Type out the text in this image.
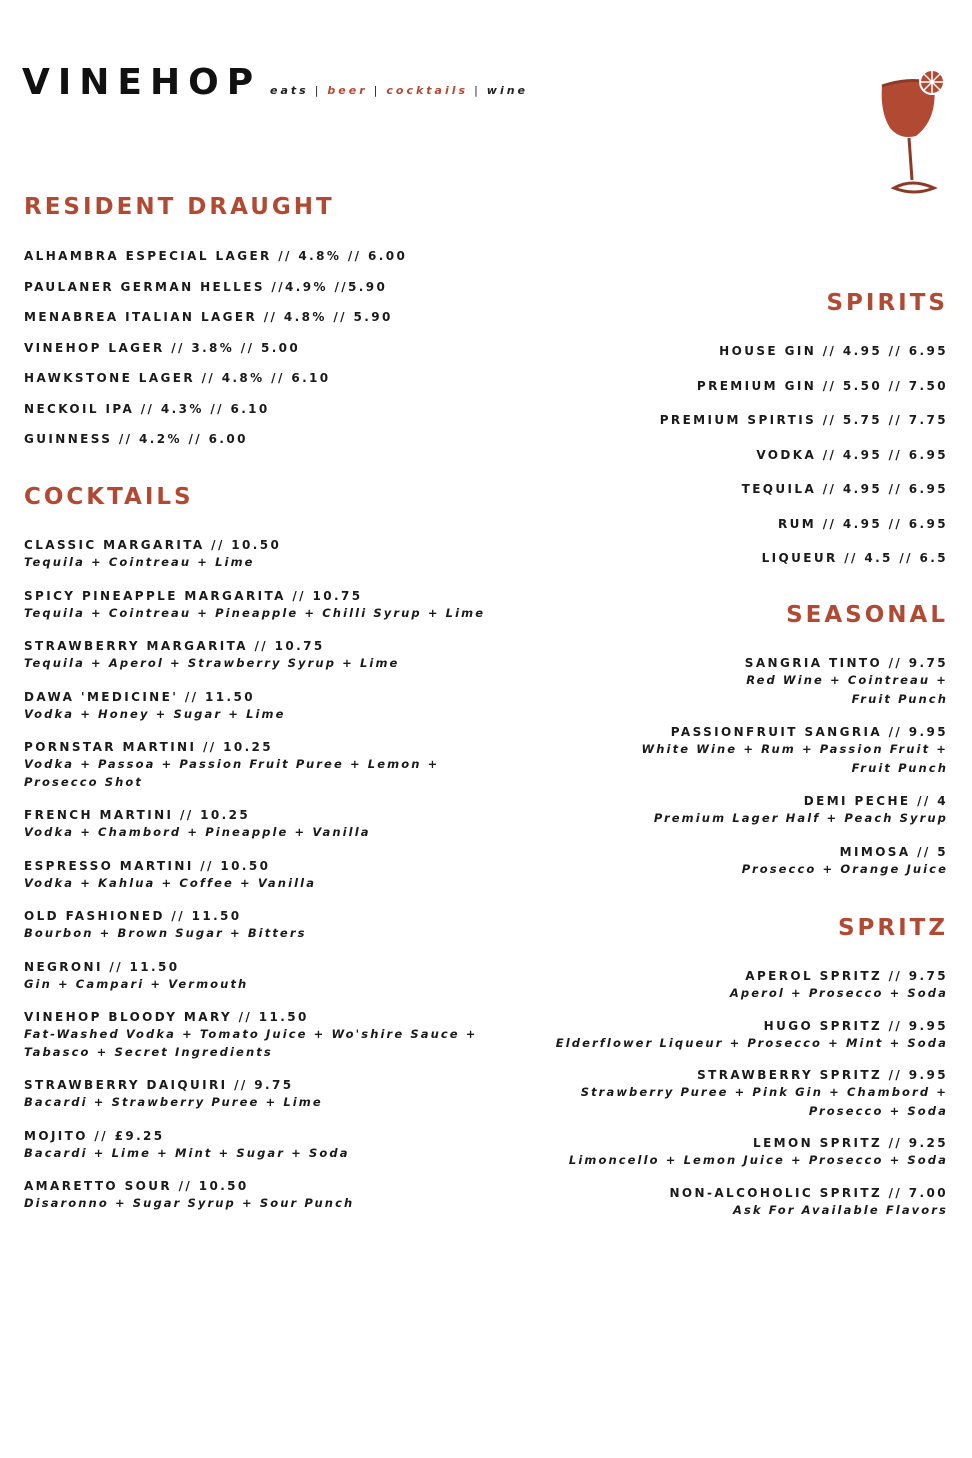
VINEHOP eats | beer | cocktails | wine
RESIDENT DRAUGHT
ALHAMBRA ESPECIAL LAGER // 4.8% // 6.00
PAULANER GERMAN HELLES //4.9% //5.90
MENABREA ITALIAN LAGER // 4.8% // 5.90
VINEHOP LAGER // 3.8% // 5.00
HAWKSTONE LAGER // 4.8% // 6.10
NECKOIL IPA // 4.3% // 6.10
GUINNESS // 4.2% // 6.00
COCKTAILS
CLASSIC MARGARITA // 10.50
Tequila + Cointreau + Lime
SPICY PINEAPPLE MARGARITA // 10.75
Tequila + Cointreau + Pineapple + Chilli Syrup + Lime
STRAWBERRY MARGARITA // 10.75
Tequila + Aperol + Strawberry Syrup + Lime
DAWA 'MEDICINE' // 11.50
Vodka + Honey + Sugar + Lime
PORNSTAR MARTINI // 10.25
Vodka + Passoa + Passion Fruit Puree + Lemon + Prosecco Shot
FRENCH MARTINI // 10.25
Vodka + Chambord + Pineapple + Vanilla
ESPRESSO MARTINI // 10.50
Vodka + Kahlua + Coffee + Vanilla
OLD FASHIONED // 11.50
Bourbon + Brown Sugar + Bitters
NEGRONI // 11.50
Gin + Campari + Vermouth
VINEHOP BLOODY MARY // 11.50
Fat-Washed Vodka + Tomato Juice + Wo'shire Sauce + Tabasco + Secret Ingredients
STRAWBERRY DAIQUIRI // 9.75
Bacardi + Strawberry Puree + Lime
MOJITO // £9.25
Bacardi + Lime + Mint + Sugar + Soda
AMARETTO SOUR // 10.50
Disaronno + Sugar Syrup + Sour Punch
SPIRITS
HOUSE GIN // 4.95 // 6.95
PREMIUM GIN // 5.50 // 7.50
PREMIUM SPIRTIS // 5.75 // 7.75
VODKA // 4.95 // 6.95
TEQUILA // 4.95 // 6.95
RUM // 4.95 // 6.95
LIQUEUR // 4.5 // 6.5
SEASONAL
SANGRIA TINTO // 9.75
Red Wine + Cointreau +
Fruit Punch
PASSIONFRUIT SANGRIA // 9.95
White Wine + Rum + Passion Fruit +
Fruit Punch
DEMI PECHE // 4
Premium Lager Half + Peach Syrup
MIMOSA // 5
Prosecco + Orange Juice
SPRITZ
APEROL SPRITZ // 9.75
Aperol + Prosecco + Soda
HUGO SPRITZ // 9.95
Elderflower Liqueur + Prosecco + Mint + Soda
STRAWBERRY SPRITZ // 9.95
Strawberry Puree + Pink Gin + Chambord +
Prosecco + Soda
LEMON SPRITZ // 9.25
Limoncello + Lemon Juice + Prosecco + Soda
NON-ALCOHOLIC SPRITZ // 7.00
Ask For Available Flavors
